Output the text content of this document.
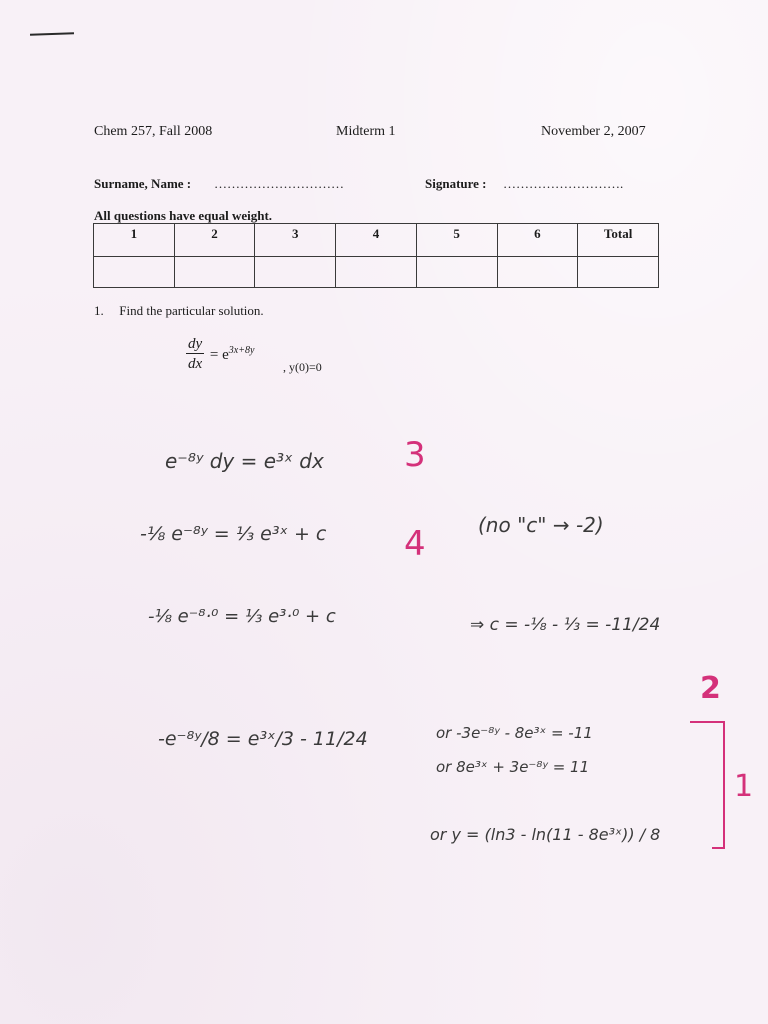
Chem 257, Fall 2008	Midterm 1	November 2, 2007
Surname, Name : …………………………	Signature : ……………………….
All questions have equal weight.
1	2	3	4	5	6	Total

1. Find the particular solution.
$\frac{dy}{dx} = e^{3x+8y}$
, y(0)=0
e⁻⁸ʸ dy = e³ˣ dx
-⅛ e⁻⁸ʸ = ⅓ e³ˣ + c	(no "c" → -2)
-⅛ e⁻⁸·⁰ = ⅓ e³·⁰ + c	⇒ c = -⅛ - ⅓ = -11/24
-e⁻⁸ʸ/8 = e³ˣ/3 - 11/24	or -3e⁻⁸ʸ - 8e³ˣ = -11
or 8e³ˣ + 3e⁻⁸ʸ = 11
or y = (ln3 - ln(11 - 8e³ˣ)) / 8
3
4
2
1
